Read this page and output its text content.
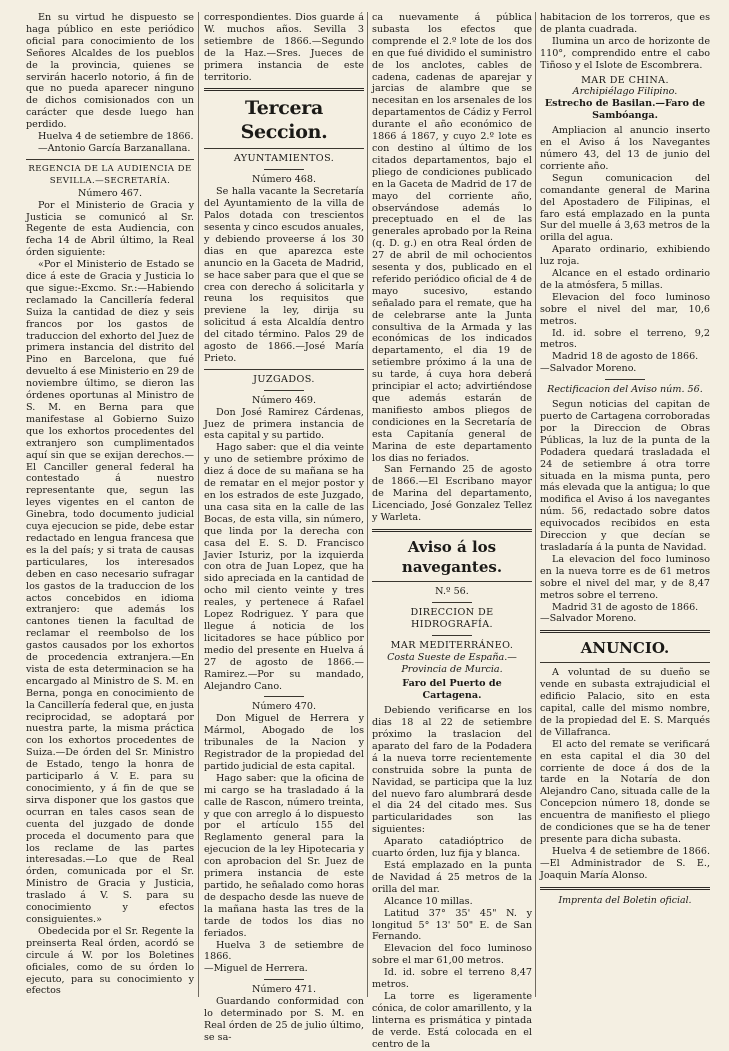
En su virtud he dispuesto se haga público en este periódico oficial para conocimiento de los Señores Alcaldes de los pueblos de la provincia, quienes se servirán hacerlo notorio, á fin de que no pueda aparecer ninguno de dichos comisionados con un carácter que desde luego han perdido.

Huelva 4 de setiembre de 1866.

—Antonio García Barzanallana.

REGENCIA DE LA AUDIENCIA DE SEVILLA.—SECRETARÍA.

Número 467.

Por el Ministerio de Gracia y Justicia se comunicó al Sr. Regente de esta Audiencia, con fecha 14 de Abril último, la Real órden siguiente:

«Por el Ministerio de Estado se dice á este de Gracia y Justicia lo que sigue:-Excmo. Sr.:—Habiendo reclamado la Cancillería federal Suiza la cantidad de diez y seis francos por los gastos de traduccion del exhorto del Juez de primera instancia del distrito del Pino en Barcelona, que fué devuelto á ese Ministerio en 29 de noviembre último, se dieron las órdenes oportunas al Ministro de S. M. en Berna para que manifestase al Gobierno Suizo que los exhortos procedentes del extranjero son cumplimentados aquí sin que se exijan derechos.—El Canciller general federal ha contestado á nuestro representante que, segun las leyes vigentes en el canton de Ginebra, todo documento judicial cuya ejecucion se pide, debe estar redactado en lengua francesa que es la del país; y si trata de causas particulares, los interesados deben en caso necesario sufragar los gastos de la traduccion de los actos concebidos en idioma extranjero: que además los cantones tienen la facultad de reclamar el reembolso de los gastos causados por los exhortos de procedencia extranjera.—En vista de esta determinacion se ha encargado al Ministro de S. M. en Berna, ponga en conocimiento de la Cancillería federal que, en justa reciprocidad, se adoptará por nuestra parte, la misma práctica con los exhortos procedentes de Suiza.—De órden del Sr. Ministro de Estado, tengo la honra de participarlo á V. E. para su conocimiento, y á fin de que se sirva disponer que los gastos que ocurran en tales casos sean de cuenta del juzgado de donde proceda el documento para que los reclame de las partes interesadas.—Lo que de Real órden, comunicada por el Sr. Ministro de Gracia y Justicia, traslado á V. S. para su conocimiento y efectos consiguientes.»

Obedecida por el Sr. Regente la preinserta Real órden, acordó se circule á W. por los Boletines oficiales, como de su órden lo ejecuto, para su conocimiento y efectos

correspondientes. Dios guarde á W. muchos años. Sevilla 3 setiembre de 1866.—Segundo de la Haz.—Sres. Jueces de primera instancia de este territorio.

Tercera Seccion.

AYUNTAMIENTOS.

Número 468.

Se halla vacante la Secretaría del Ayuntamiento de la villa de Palos dotada con trescientos sesenta y cinco escudos anuales, y debiendo proveerse á los 30 dias en que aparezca este anuncio en la Gaceta de Madrid, se hace saber para que el que se crea con derecho á solicitarla y reuna los requisitos que previene la ley, dirija su solicitud á esta Alcaldía dentro del citado término. Palos 29 de agosto de 1866.—José María Prieto.

JUZGADOS.

Número 469.

Don José Ramirez Cárdenas, Juez de primera instancia de esta capital y su partido.

Hago saber: que el dia veinte y uno de setiembre próximo de diez á doce de su mañana se ha de rematar en el mejor postor y en los estrados de este Juzgado, una casa sita en la calle de las Bocas, de esta villa, sin número, que linda por la derecha con casa del E. S. D. Francisco Javier Isturiz, por la izquierda con otra de Juan Lopez, que ha sido apreciada en la cantidad de ocho mil ciento veinte y tres reales, y pertenece á Rafael Lopez Rodriguez. Y para que llegue á noticia de los licitadores se hace público por medio del presente en Huelva á 27 de agosto de 1866.—Ramirez.—Por su mandado, Alejandro Cano.

Número 470.

Don Miguel de Herrera y Mármol, Abogado de los tribunales de la Nacion y Registrador de la propiedad del partido judicial de esta capital.

Hago saber: que la oficina de mi cargo se ha trasladado á la calle de Rascon, número treinta, y que con arreglo á lo dispuesto por el artículo 155 del Reglamento general para la ejecucion de la ley Hipotecaria y con aprobacion del Sr. Juez de primera instancia de este partido, he señalado como horas de despacho desde las nueve de la mañana hasta las tres de la tarde de todos los dias no feriados.

Huelva 3 de setiembre de 1866.

—Miguel de Herrera.

Número 471.

Guardando conformidad con lo determinado por S. M. en Real órden de 25 de julio último, se sa-

ca nuevamente á pública subasta los efectos que comprende el 2.º lote de los dos en que fué dividido el suministro de los anclotes, cables de cadena, cadenas de aparejar y jarcias de alambre que se necesitan en los arsenales de los departamentos de Cádiz y Ferrol durante el año económico de 1866 á 1867, y cuyo 2.º lote es con destino al último de los citados departamentos, bajo el pliego de condiciones publicado en la Gaceta de Madrid de 17 de mayo del corriente año, observándose además lo preceptuado en el de las generales aprobado por la Reina (q. D. g.) en otra Real órden de 27 de abril de mil ochocientos sesenta y dos, publicado en el referido periódico oficial de 4 de mayo sucesivo, estando señalado para el remate, que ha de celebrarse ante la Junta consultiva de la Armada y las económicas de los indicados departamento, el dia 19 de setiembre próximo á la una de su tarde, á cuya hora deberá principiar el acto; advirtiéndose que además estarán de manifiesto ambos pliegos de condiciones en la Secretaría de esta Capitanía general de Marina de este departamento los dias no feriados.

San Fernando 25 de agosto de 1866.—El Escribano mayor de Marina del departamento, Licenciado, José Gonzalez Tellez y Warleta.

Aviso á los navegantes.

N.º 56.

DIRECCION DE HIDROGRAFÍA.

MAR MEDITERRÁNEO.

Costa Sueste de España.—Provincia de Murcia.

Faro del Puerto de Cartagena.

Debiendo verificarse en los dias 18 al 22 de setiembre próximo la traslacion del aparato del faro de la Podadera á la nueva torre recientemente construida sobre la punta de Navidad, se participa que la luz del nuevo faro alumbrará desde el dia 24 del citado mes. Sus particularidades son las siguientes:

Aparato catadióptrico de cuarto órden, luz fija y blanca.

Está emplazado en la punta de Navidad á 25 metros de la orilla del mar.

Alcance 10 millas.

Latitud 37° 35' 45" N. y longitud 5° 13' 50" E. de San Fernando.

Elevacion del foco luminoso sobre el mar 61,00 metros.

Id. id. sobre el terreno 8,47 metros.

La torre es ligeramente cónica, de color amarillento, y la linterna es prismática y pintada de verde. Está colocada en el centro de la

habitacion de los torreros, que es de planta cuadrada.

Ilumina un arco de horizonte de 110°, comprendido entre el cabo Tiñoso y el Islote de Escombrera.

MAR DE CHINA.

Archipiélago Filipino.

Estrecho de Basilan.—Faro de Sambóanga.

Ampliacion al anuncio inserto en el Aviso á los Navegantes número 43, del 13 de junio del corriente año.

Segun comunicacion del comandante general de Marina del Apostadero de Filipinas, el faro está emplazado en la punta Sur del muelle á 3,63 metros de la orilla del agua.

Aparato ordinario, exhibiendo luz roja.

Alcance en el estado ordinario de la atmósfera, 5 millas.

Elevacion del foco luminoso sobre el nivel del mar, 10,6 metros.

Id. id. sobre el terreno, 9,2 metros.

Madrid 18 de agosto de 1866.

—Salvador Moreno.

Rectificacion del Aviso núm. 56.

Segun noticias del capitan de puerto de Cartagena corroboradas por la Direccion de Obras Públicas, la luz de la punta de la Podadera quedará trasladada el 24 de setiembre á otra torre situada en la misma punta, pero más elevada que la antigua; lo que modifica el Aviso á los navegantes núm. 56, redactado sobre datos equivocados recibidos en esta Direccion y que decían se trasladaría á la punta de Navidad.

La elevacion del foco luminoso en la nueva torre es de 61 metros sobre el nivel del mar, y de 8,47 metros sobre el terreno.

Madrid 31 de agosto de 1866.

—Salvador Moreno.

ANUNCIO.

A voluntad de su dueño se vende en subasta extrajudicial el edificio Palacio, sito en esta capital, calle del mismo nombre, de la propiedad del E. S. Marqués de Villafranca.

El acto del remate se verificará en esta capital el dia 30 del corriente de doce á dos de la tarde en la Notaría de don Alejandro Cano, situada calle de la Concepcion número 18, donde se encuentra de manifiesto el pliego de condiciones que se ha de tener presente para dicha subasta.

Huelva 4 de setiembre de 1866.—El Administrador de S. E., Joaquin María Alonso.

Imprenta del Boletin oficial.
